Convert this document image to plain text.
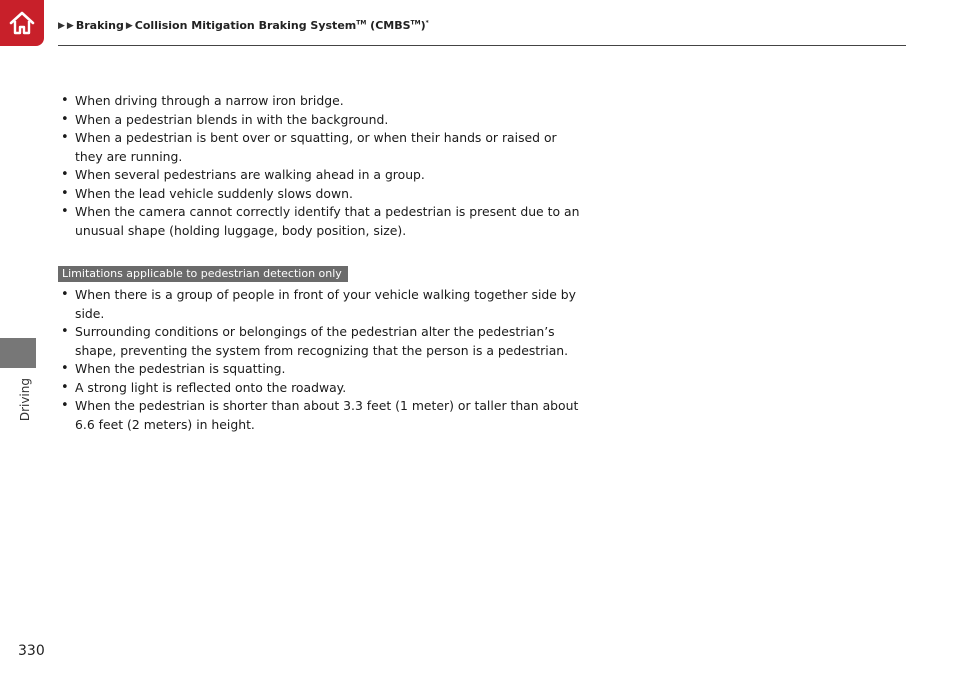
▶ ▶ Braking ▶ Collision Mitigation Braking System™ (CMBS™)*
Driving
• When driving through a narrow iron bridge.
• When a pedestrian blends in with the background.
• When a pedestrian is bent over or squatting, or when their hands or raised or they are running.
• When several pedestrians are walking ahead in a group.
• When the lead vehicle suddenly slows down.
• When the camera cannot correctly identify that a pedestrian is present due to an unusual shape (holding luggage, body position, size).
Limitations applicable to pedestrian detection only
• When there is a group of people in front of your vehicle walking together side by side.
• Surrounding conditions or belongings of the pedestrian alter the pedestrian’s shape, preventing the system from recognizing that the person is a pedestrian.
• When the pedestrian is squatting.
• A strong light is reflected onto the roadway.
• When the pedestrian is shorter than about 3.3 feet (1 meter) or taller than about 6.6 feet (2 meters) in height.
330
